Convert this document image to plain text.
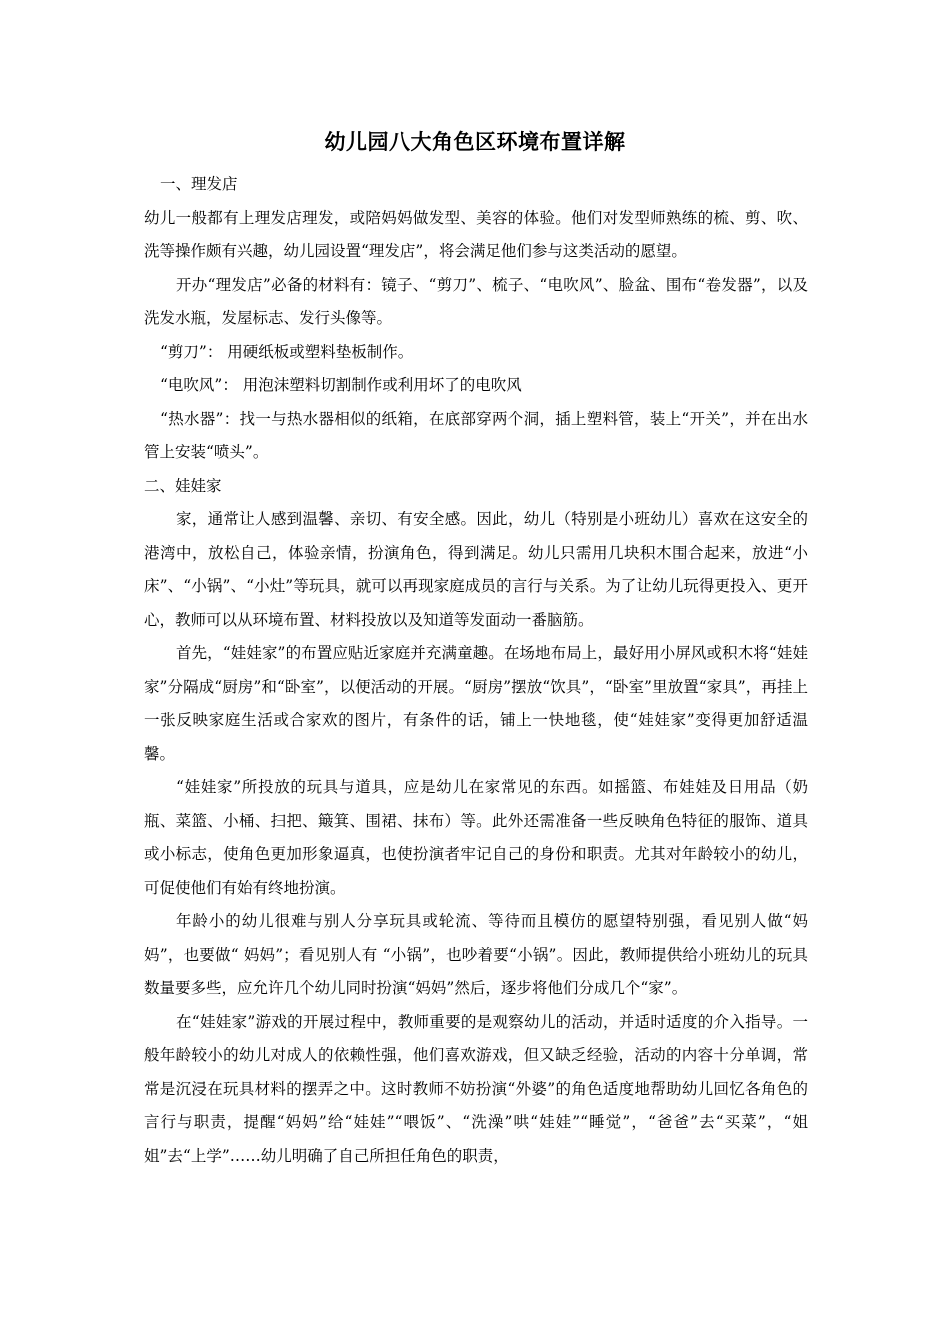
幼儿园八大角色区环境布置详解

一、理发店

幼儿一般都有上理发店理发，或陪妈妈做发型、美容的体验。他们对发型师熟练的梳、剪、吹、洗等操作颇有兴趣，幼儿园设置“理发店”，将会满足他们参与这类活动的愿望。

开办“理发店”必备的材料有：镜子、“剪刀”、梳子、“电吹风”、脸盆、围布“卷发器”，以及洗发水瓶，发屋标志、发行头像等。

“剪刀”： 用硬纸板或塑料垫板制作。

“电吹风”： 用泡沫塑料切割制作或利用坏了的电吹风

“热水器”：找一与热水器相似的纸箱，在底部穿两个洞，插上塑料管，装上“开关”，并在出水管上安装“喷头”。

二、娃娃家

家，通常让人感到温馨、亲切、有安全感。因此，幼儿（特别是小班幼儿）喜欢在这安全的港湾中，放松自己，体验亲情，扮演角色，得到满足。幼儿只需用几块积木围合起来，放进“小床”、“小锅”、“小灶”等玩具，就可以再现家庭成员的言行与关系。为了让幼儿玩得更投入、更开心，教师可以从环境布置、材料投放以及知道等发面动一番脑筋。

首先，“娃娃家”的布置应贴近家庭并充满童趣。在场地布局上，最好用小屏风或积木将“娃娃家”分隔成“厨房”和“卧室”，以便活动的开展。“厨房”摆放“饮具”，“卧室”里放置“家具”，再挂上一张反映家庭生活或合家欢的图片，有条件的话，铺上一快地毯，使“娃娃家”变得更加舒适温馨。

“娃娃家”所投放的玩具与道具，应是幼儿在家常见的东西。如摇篮、布娃娃及日用品（奶瓶、菜篮、小桶、扫把、簸箕、围裙、抹布）等。此外还需准备一些反映角色特征的服饰、道具或小标志，使角色更加形象逼真，也使扮演者牢记自己的身份和职责。尤其对年龄较小的幼儿，可促使他们有始有终地扮演。

年龄小的幼儿很难与别人分享玩具或轮流、等待而且模仿的愿望特别强，看见别人做“妈妈”，也要做“ 妈妈”；看见别人有 “小锅”，也吵着要“小锅”。因此，教师提供给小班幼儿的玩具数量要多些，应允许几个幼儿同时扮演“妈妈”然后，逐步将他们分成几个“家”。

在“娃娃家”游戏的开展过程中，教师重要的是观察幼儿的活动，并适时适度的介入指导。一般年龄较小的幼儿对成人的依赖性强，他们喜欢游戏，但又缺乏经验，活动的内容十分单调，常常是沉浸在玩具材料的摆弄之中。这时教师不妨扮演“外婆”的角色适度地帮助幼儿回忆各角色的言行与职责，提醒“妈妈”给“娃娃”“喂饭”、“洗澡”哄“娃娃”“睡觉”，“爸爸”去“买菜”，“姐姐”去“上学”……幼儿明确了自己所担任角色的职责，
